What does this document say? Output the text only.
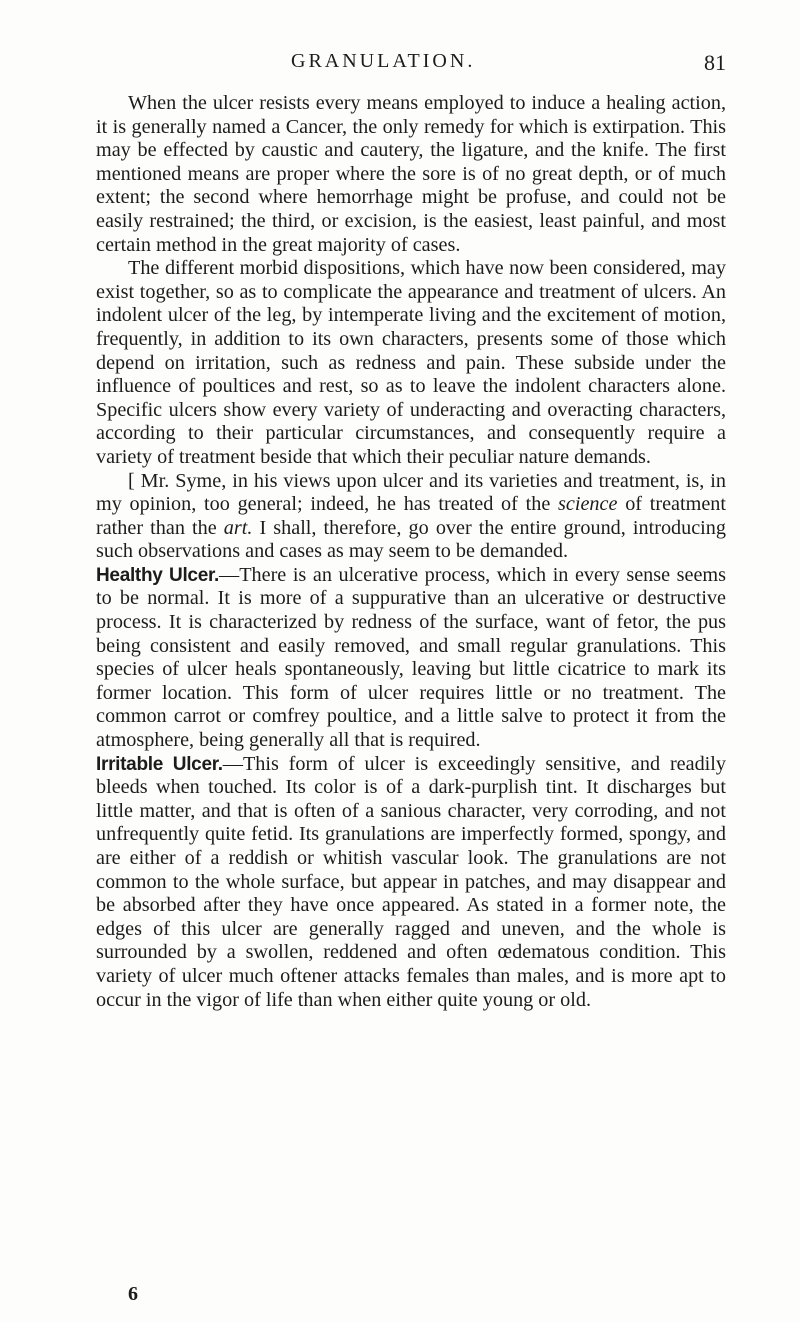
GRANULATION.	81

When the ulcer resists every means employed to induce a healing action, it is generally named a Cancer, the only remedy for which is extirpation. This may be effected by caustic and cautery, the ligature, and the knife. The first mentioned means are proper where the sore is of no great depth, or of much extent; the second where hemorrhage might be profuse, and could not be easily restrained; the third, or excision, is the easiest, least painful, and most certain method in the great majority of cases.

The different morbid dispositions, which have now been considered, may exist together, so as to complicate the appearance and treatment of ulcers. An indolent ulcer of the leg, by intemperate living and the excitement of motion, frequently, in addition to its own characters, presents some of those which depend on irritation, such as redness and pain. These subside under the influence of poultices and rest, so as to leave the indolent characters alone. Specific ulcers show every variety of underacting and overacting characters, according to their particular circumstances, and consequently require a variety of treatment beside that which their peculiar nature demands.

[ Mr. Syme, in his views upon ulcer and its varieties and treatment, is, in my opinion, too general; indeed, he has treated of the science of treatment rather than the art. I shall, therefore, go over the entire ground, introducing such observations and cases as may seem to be demanded.

Healthy Ulcer.—There is an ulcerative process, which in every sense seems to be normal. It is more of a suppurative than an ulcerative or destructive process. It is characterized by redness of the surface, want of fetor, the pus being consistent and easily removed, and small regular granulations. This species of ulcer heals spontaneously, leaving but little cicatrice to mark its former location. This form of ulcer requires little or no treatment. The common carrot or comfrey poultice, and a little salve to protect it from the atmosphere, being generally all that is required.

Irritable Ulcer.—This form of ulcer is exceedingly sensitive, and readily bleeds when touched. Its color is of a dark-purplish tint. It discharges but little matter, and that is often of a sanious character, very corroding, and not unfrequently quite fetid. Its granulations are imperfectly formed, spongy, and are either of a reddish or whitish vascular look. The granulations are not common to the whole surface, but appear in patches, and may disappear and be absorbed after they have once appeared. As stated in a former note, the edges of this ulcer are generally ragged and uneven, and the whole is surrounded by a swollen, reddened and often œdematous condition. This variety of ulcer much oftener attacks females than males, and is more apt to occur in the vigor of life than when either quite young or old.

6
